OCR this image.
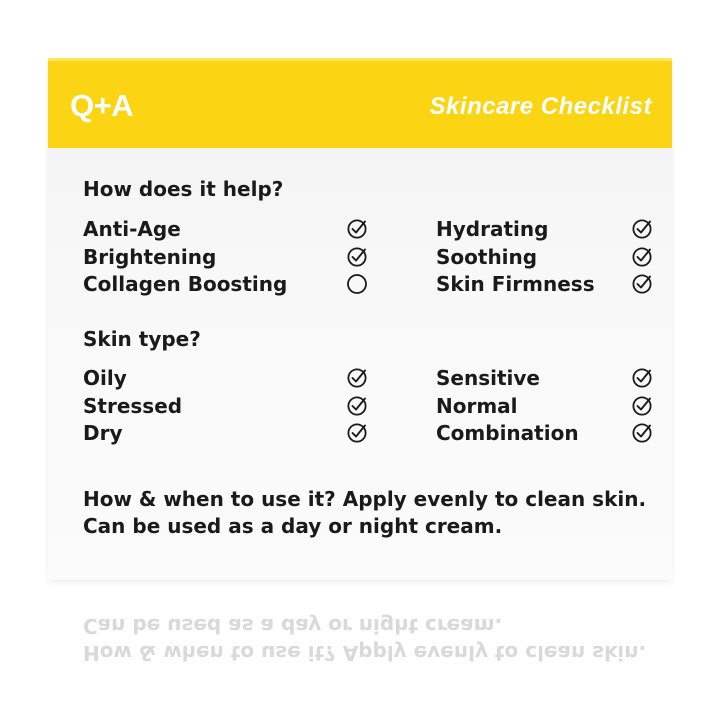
Q+A	Skincare Checklist
How does it help?
Skin type?
Anti-Age
Brightening
Collagen Boosting
Hydrating
Soothing
Skin Firmness
Oily
Stressed
Dry
Sensitive
Normal
Combination
How & when to use it? Apply evenly to clean skin.
Can be used as a day or night cream.
How & when to use it? Apply evenly to clean skin.
Can be used as a day or night cream.
